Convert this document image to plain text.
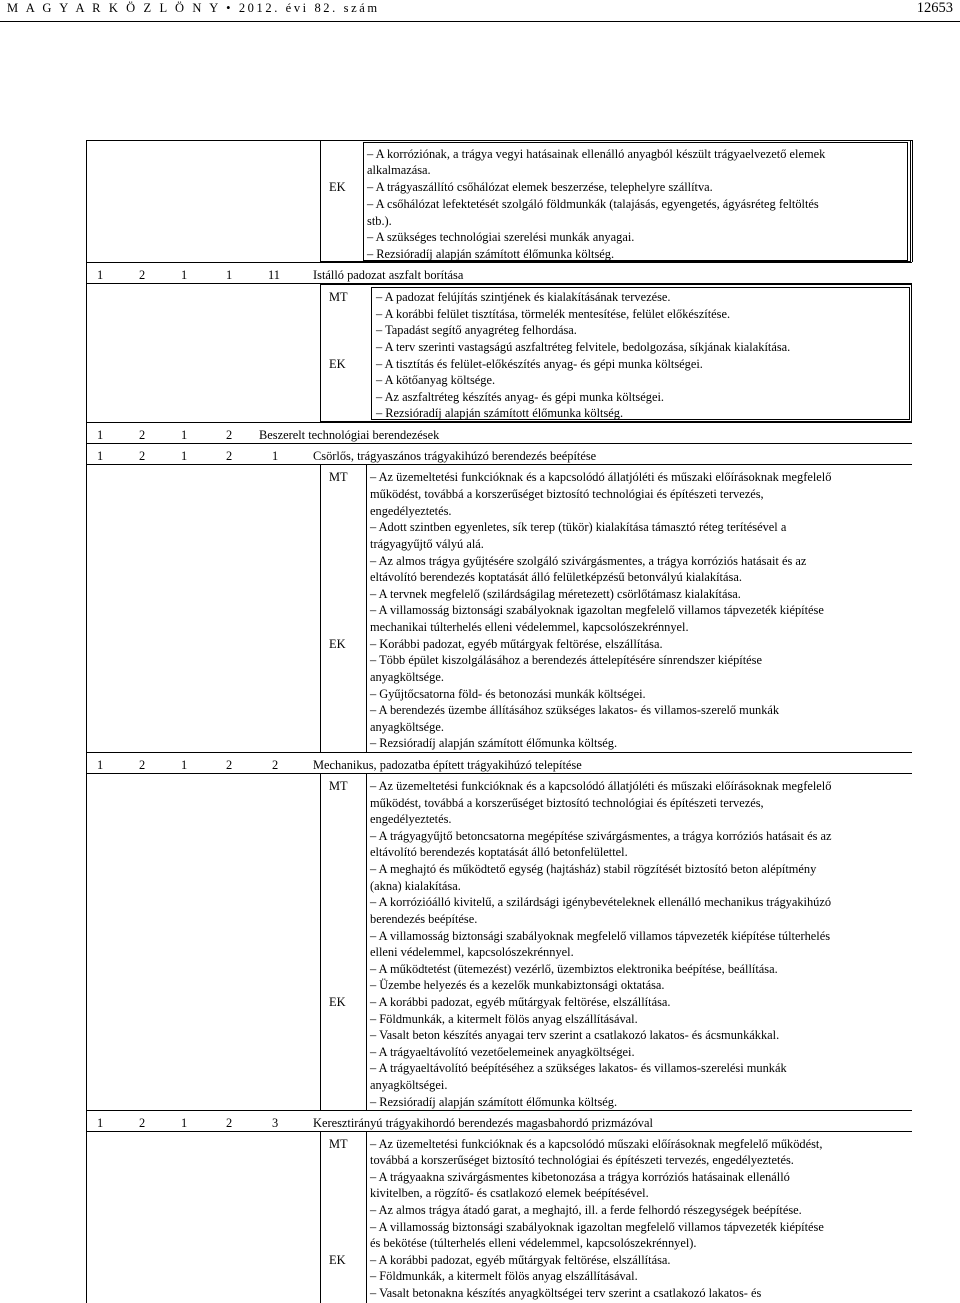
M A G Y A R K Ö Z L Ö N Y • 2012. évi 82. szám	12653
– A korróziónak, a trágya vegyi hatásainak ellenálló anyagból készült trágyaelvezető elemek
alkalmazása.
EK – A trágyaszállító csőhálózat elemek beszerzése, telephelyre szállítva.
– A csőhálózat lefektetését szolgáló földmunkák (talajásás, egyengetés, ágyásréteg feltöltés
stb.).
– A szükséges technológiai szerelési munkák anyagai.
– Rezsióradíj alapján számított élőmunka költség.
1	2	1	1	11	Istálló padozat aszfalt borítása
MT – A padozat felújítás szintjének és kialakításának tervezése.
– A korábbi felület tisztítása, törmelék mentesítése, felület előkészítése.
– Tapadást segítő anyagréteg felhordása.
– A terv szerinti vastagságú aszfaltréteg felvitele, bedolgozása, síkjának kialakítása.
EK – A tisztítás és felület-előkészítés anyag- és gépi munka költségei.
– A kötőanyag költsége.
– Az aszfaltréteg készítés anyag- és gépi munka költségei.
– Rezsióradíj alapján számított élőmunka költség.
1	2	1	2 Beszerelt technológiai berendezések
1	2	1	2	1	Csörlős, trágyaszános trágyakihúzó berendezés beépítése
MT – Az üzemeltetési funkcióknak és a kapcsolódó állatjóléti és műszaki előírásoknak megfelelő
működést, továbbá a korszerűséget biztosító technológiai és építészeti tervezés,
engedélyeztetés.
– Adott szintben egyenletes, sík terep (tükör) kialakítása támasztó réteg terítésével a
trágyagyűjtő vályú alá.
– Az almos trágya gyűjtésére szolgáló szivárgásmentes, a trágya korróziós hatásait és az
eltávolító berendezés koptatását álló felületképzésű betonvályú kialakítása.
– A tervnek megfelelő (szilárdságilag méretezett) csörlőtámasz kialakítása.
– A villamosság biztonsági szabályoknak igazoltan megfelelő villamos tápvezeték kiépítése
mechanikai túlterhelés elleni védelemmel, kapcsolószekrénnyel.
EK – Korábbi padozat, egyéb műtárgyak feltörése, elszállítása.
– Több épület kiszolgálásához a berendezés áttelepítésére sínrendszer kiépítése
anyagköltsége.
– Gyűjtőcsatorna föld- és betonozási munkák költségei.
– A berendezés üzembe állításához szükséges lakatos- és villamos-szerelő munkák
anyagköltsége.
– Rezsióradíj alapján számított élőmunka költség.
1	2	1	2	2	Mechanikus, padozatba épített trágyakihúzó telepítése
MT – Az üzemeltetési funkcióknak és a kapcsolódó állatjóléti és műszaki előírásoknak megfelelő
működést, továbbá a korszerűséget biztosító technológiai és építészeti tervezés,
engedélyeztetés.
– A trágyagyűjtő betoncsatorna megépítése szivárgásmentes, a trágya korróziós hatásait és az
eltávolító berendezés koptatását álló betonfelülettel.
– A meghajtó és működtető egység (hajtásház) stabil rögzítését biztosító beton alépítmény
(akna) kialakítása.
– A korrózióálló kivitelű, a szilárdsági igénybevételeknek ellenálló mechanikus trágyakihúzó
berendezés beépítése.
– A villamosság biztonsági szabályoknak megfelelő villamos tápvezeték kiépítése túlterhelés
elleni védelemmel, kapcsolószekrénnyel.
– A működtetést (ütemezést) vezérlő, üzembiztos elektronika beépítése, beállítása.
– Üzembe helyezés és a kezelők munkabiztonsági oktatása.
EK – A korábbi padozat, egyéb műtárgyak feltörése, elszállítása.
– Földmunkák, a kitermelt fölös anyag elszállításával.
– Vasalt beton készítés anyagai terv szerint a csatlakozó lakatos- és ácsmunkákkal.
– A trágyaeltávolító vezetőelemeinek anyagköltségei.
– A trágyaeltávolító beépítéséhez a szükséges lakatos- és villamos-szerelési munkák
anyagköltségei.
– Rezsióradíj alapján számított élőmunka költség.
1	2	1	2	3	Keresztirányú trágyakihordó berendezés magasbahordó prizmázóval
MT – Az üzemeltetési funkcióknak és a kapcsolódó műszaki előírásoknak megfelelő működést,
továbbá a korszerűséget biztosító technológiai és építészeti tervezés, engedélyeztetés.
– A trágyaakna szivárgásmentes kibetonozása a trágya korróziós hatásainak ellenálló
kivitelben, a rögzítő- és csatlakozó elemek beépítésével.
– Az almos trágya átadó garat, a meghajtó, ill. a ferde felhordó részegységek beépítése.
– A villamosság biztonsági szabályoknak igazoltan megfelelő villamos tápvezeték kiépítése
és bekötése (túlterhelés elleni védelemmel, kapcsolószekrénnyel).
EK – A korábbi padozat, egyéb műtárgyak feltörése, elszállítása.
– Földmunkák, a kitermelt fölös anyag elszállításával.
– Vasalt betonakna készítés anyagköltségei terv szerint a csatlakozó lakatos- és
